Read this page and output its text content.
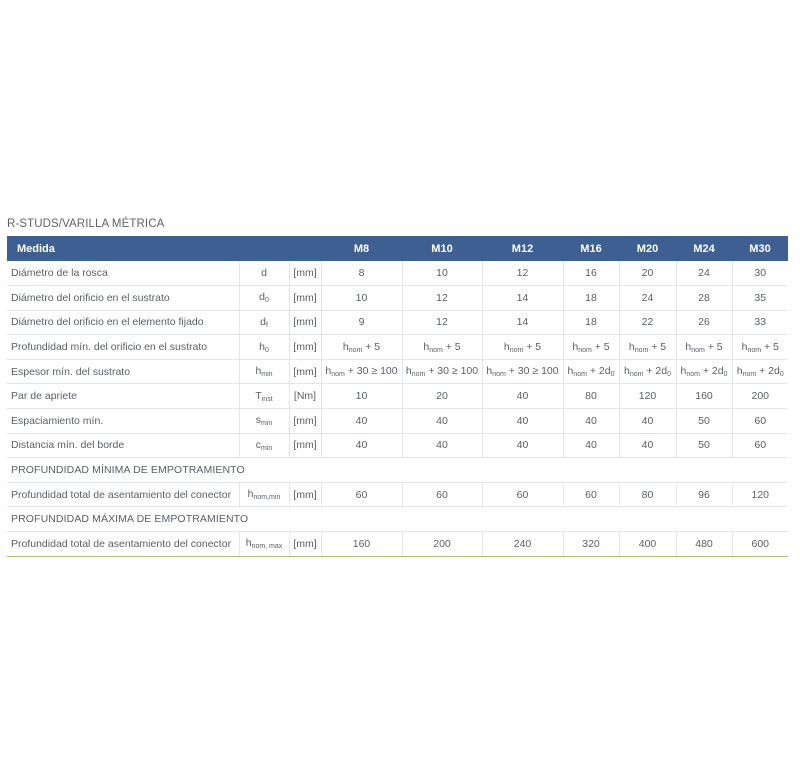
R-STUDS/VARILLA MÉTRICA
Medida			M8	M10	M12	M16	M20	M24	M30
Diámetro de la rosca	d	[mm]	8	10	12	16	20	24	30
Diámetro del orificio en el sustrato	$d_0$	[mm]	10	12	14	18	24	28	35
Diámetro del orificio en el elemento fijado	$d_f$	[mm]	9	12	14	18	22	26	33
Profundidad mín. del orificio en el sustrato	$h_0$	[mm]	$h_{nom} + 5$	$h_{nom} + 5$	$h_{nom} + 5$	$h_{nom} + 5$	$h_{nom} + 5$	$h_{nom} + 5$	$h_{nom} + 5$
Espesor mín. del sustrato	$h_{min}$	[mm]	$h_{nom} + 30 \ge 100$	$h_{nom} + 30 \ge 100$	$h_{nom} + 30 \ge 100$	$h_{nom} + 2d_0$	$h_{nom} + 2d_0$	$h_{nom} + 2d_0$	$h_{nom} + 2d_0$
Par de apriete	$T_{inst}$	[Nm]	10	20	40	80	120	160	200
Espaciamiento mín.	$s_{min}$	[mm]	40	40	40	40	40	50	60
Distancia mín. del borde	$c_{min}$	[mm]	40	40	40	40	40	50	60
PROFUNDIDAD MÍNIMA DE EMPOTRAMIENTO									
Profundidad total de asentamiento del conector	$h_{nom,min}$	[mm]	60	60	60	60	80	96	120
PROFUNDIDAD MÁXIMA DE EMPOTRAMIENTO									
Profundidad total de asentamiento del conector	$h_{nom, max}$	[mm]	160	200	240	320	400	480	600
